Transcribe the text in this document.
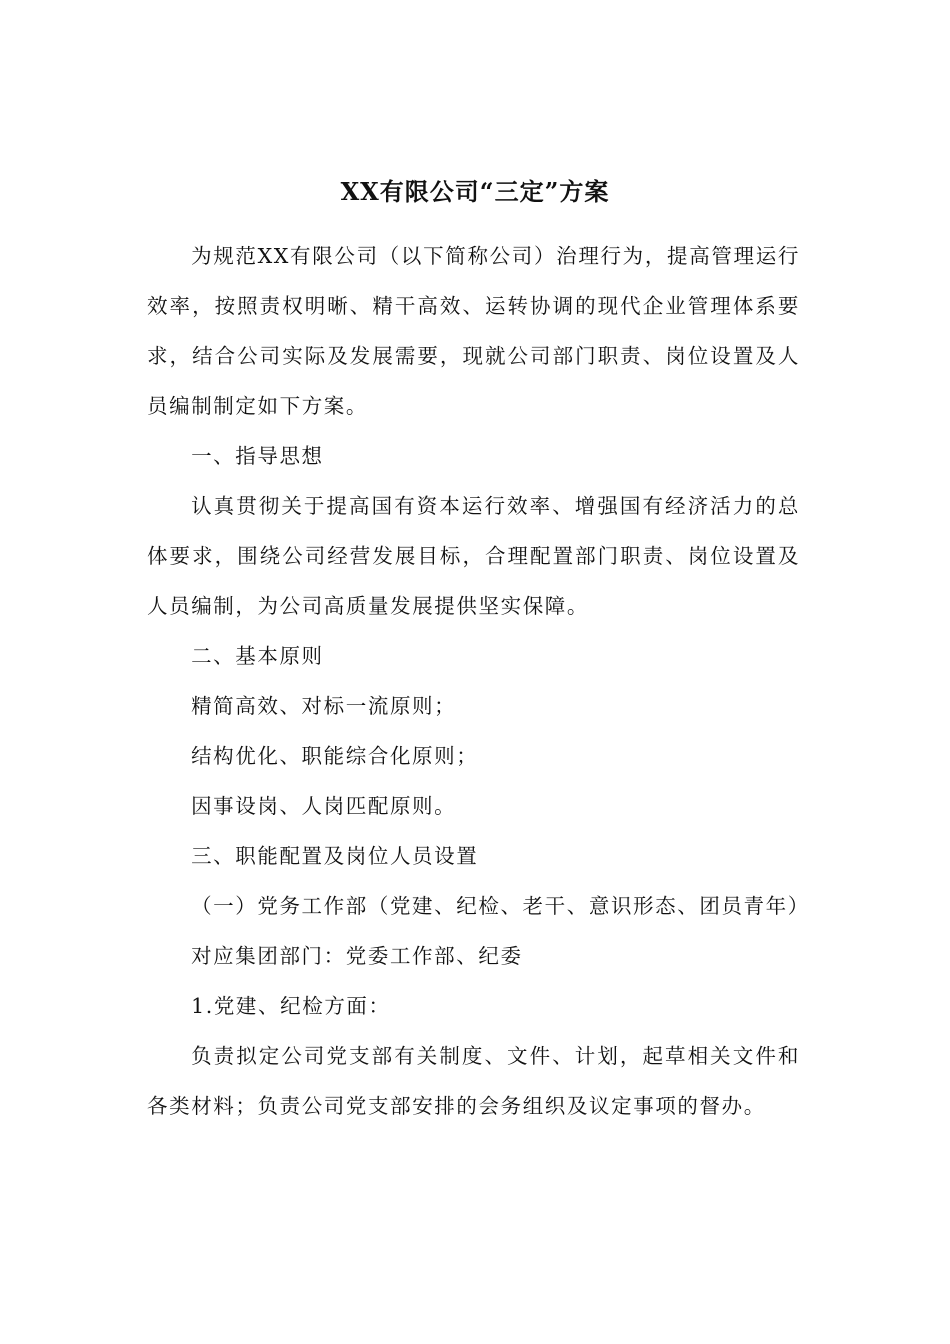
XX有限公司“三定”方案

为规范XX有限公司（以下简称公司）治理行为，提高管理运行效率，按照责权明晰、精干高效、运转协调的现代企业管理体系要求，结合公司实际及发展需要，现就公司部门职责、岗位设置及人员编制制定如下方案。

一、指导思想

认真贯彻关于提高国有资本运行效率、增强国有经济活力的总体要求，围绕公司经营发展目标，合理配置部门职责、岗位设置及人员编制，为公司高质量发展提供坚实保障。

二、基本原则

精简高效、对标一流原则；

结构优化、职能综合化原则；

因事设岗、人岗匹配原则。

三、职能配置及岗位人员设置

（一）党务工作部（党建、纪检、老干、意识形态、团员青年）

对应集团部门：党委工作部、纪委

1.党建、纪检方面：

负责拟定公司党支部有关制度、文件、计划，起草相关文件和各类材料；负责公司党支部安排的会务组织及议定事项的督办。
